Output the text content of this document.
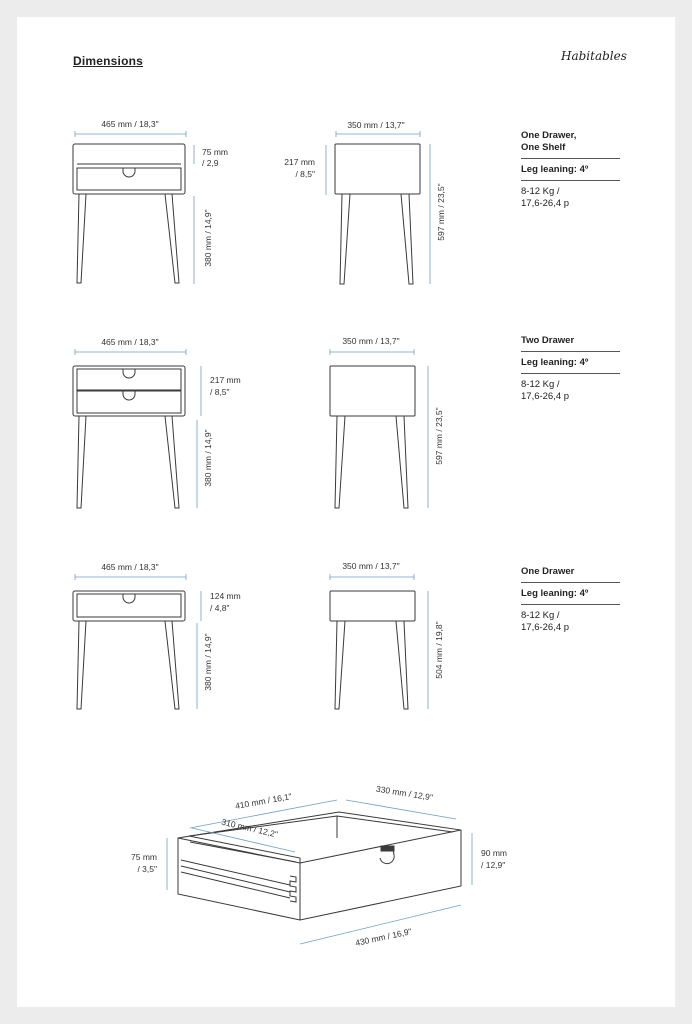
Dimensions	Habitables
465 mm / 18,3"
75 mm
/ 2,9
380 mm / 14,9"
350 mm / 13,7"
217 mm
/ 8,5"
597 mm / 23,5"
465 mm / 18,3"
217 mm
/ 8,5"
380 mm / 14,9"
350 mm / 13,7"
597 mm / 23,5"
465 mm / 18,3"
124 mm
/ 4,8"
380 mm / 14,9"
350 mm / 13,7"
504 mm / 19,8"
410 mm / 16,1"	330 mm / 12,9"
310 mm / 12,2"
75 mm
/ 3,5"
90 mm
/ 12,9"
430 mm / 16,9"
One Drawer,
One Shelf
Leg leaning: 4º
8-12 Kg /
17,6-26,4 p
Two Drawer
Leg leaning: 4º
8-12 Kg /
17,6-26,4 p
One Drawer
Leg leaning: 4º
8-12 Kg /
17,6-26,4 p
